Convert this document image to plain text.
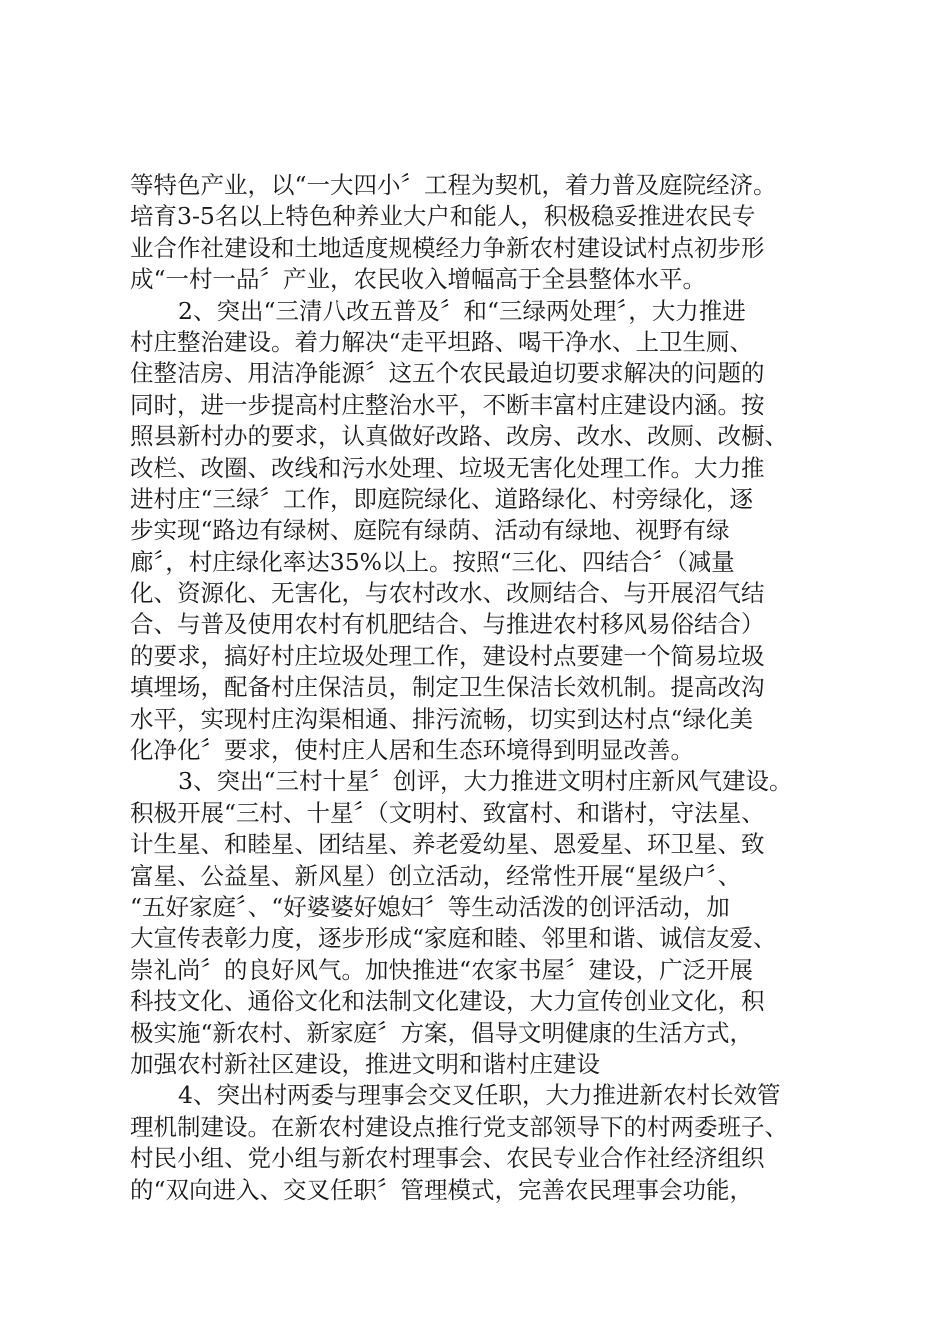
等特色产业，以“一大四小〞工程为契机，着力普及庭院经济。
培育3-5名以上特色种养业大户和能人，积极稳妥推进农民专
业合作社建设和土地适度规模经力争新农村建设试村点初步形
成“一村一品〞产业，农民收入增幅高于全县整体水平。
2、突出“三清八改五普及〞和“三绿两处理〞，大力推进
村庄整治建设。着力解决“走平坦路、喝干净水、上卫生厕、
住整洁房、用洁净能源〞这五个农民最迫切要求解决的问题的
同时，进一步提高村庄整治水平，不断丰富村庄建设内涵。按
照县新村办的要求，认真做好改路、改房、改水、改厕、改橱、
改栏、改圈、改线和污水处理、垃圾无害化处理工作。大力推
进村庄“三绿〞工作，即庭院绿化、道路绿化、村旁绿化，逐
步实现“路边有绿树、庭院有绿荫、活动有绿地、视野有绿
廊〞，村庄绿化率达35%以上。按照“三化、四结合〞（减量
化、资源化、无害化，与农村改水、改厕结合、与开展沼气结
合、与普及使用农村有机肥结合、与推进农村移风易俗结合）
的要求，搞好村庄垃圾处理工作，建设村点要建一个简易垃圾
填埋场，配备村庄保洁员，制定卫生保洁长效机制。提高改沟
水平，实现村庄沟渠相通、排污流畅，切实到达村点“绿化美
化净化〞要求，使村庄人居和生态环境得到明显改善。
3、突出“三村十星〞创评，大力推进文明村庄新风气建设。
积极开展“三村、十星〞（文明村、致富村、和谐村，守法星、
计生星、和睦星、团结星、养老爱幼星、恩爱星、环卫星、致
富星、公益星、新风星）创立活动，经常性开展“星级户〞、
“五好家庭〞、“好婆婆好媳妇〞等生动活泼的创评活动，加
大宣传表彰力度，逐步形成“家庭和睦、邻里和谐、诚信友爱、
崇礼尚〞的良好风气。加快推进“农家书屋〞建设，广泛开展
科技文化、通俗文化和法制文化建设，大力宣传创业文化，积
极实施“新农村、新家庭〞方案，倡导文明健康的生活方式，
加强农村新社区建设，推进文明和谐村庄建设
4、突出村两委与理事会交叉任职，大力推进新农村长效管
理机制建设。在新农村建设点推行党支部领导下的村两委班子、
村民小组、党小组与新农村理事会、农民专业合作社经济组织
的“双向进入、交叉任职〞管理模式，完善农民理事会功能，
